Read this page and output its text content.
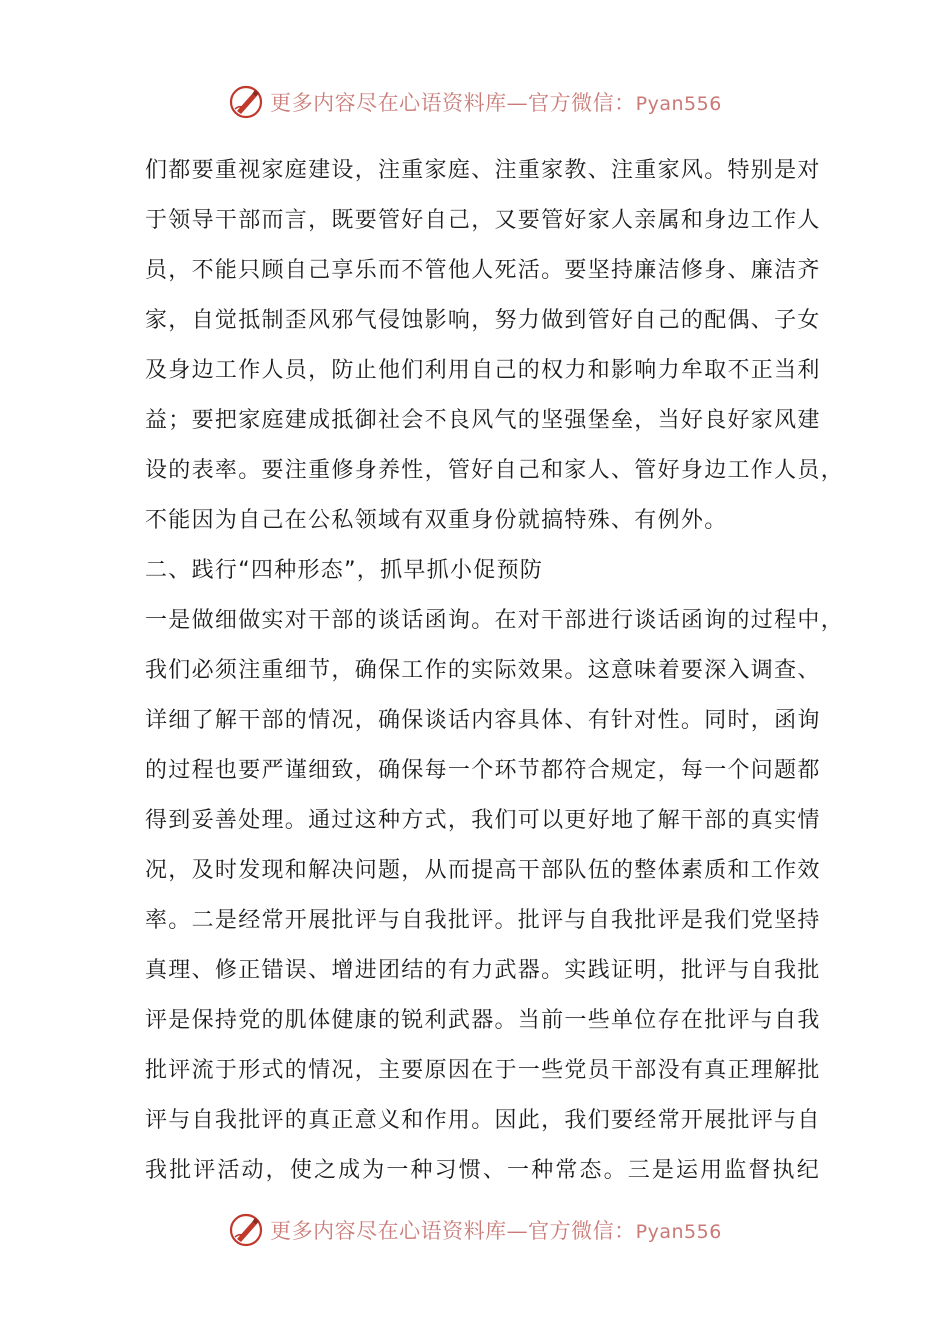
更多内容尽在心语资料库—官方微信：Pyan556
们都要重视家庭建设，注重家庭、注重家教、注重家风。特别是对
于领导干部而言，既要管好自己，又要管好家人亲属和身边工作人
员，不能只顾自己享乐而不管他人死活。要坚持廉洁修身、廉洁齐
家，自觉抵制歪风邪气侵蚀影响，努力做到管好自己的配偶、子女
及身边工作人员，防止他们利用自己的权力和影响力牟取不正当利
益；要把家庭建成抵御社会不良风气的坚强堡垒，当好良好家风建
设的表率。要注重修身养性，管好自己和家人、管好身边工作人员，
不能因为自己在公私领域有双重身份就搞特殊、有例外。
二、践行“四种形态”，抓早抓小促预防
一是做细做实对干部的谈话函询。在对干部进行谈话函询的过程中，
我们必须注重细节，确保工作的实际效果。这意味着要深入调查、
详细了解干部的情况，确保谈话内容具体、有针对性。同时，函询
的过程也要严谨细致，确保每一个环节都符合规定，每一个问题都
得到妥善处理。通过这种方式，我们可以更好地了解干部的真实情
况，及时发现和解决问题，从而提高干部队伍的整体素质和工作效
率。二是经常开展批评与自我批评。批评与自我批评是我们党坚持
真理、修正错误、增进团结的有力武器。实践证明，批评与自我批
评是保持党的肌体健康的锐利武器。当前一些单位存在批评与自我
批评流于形式的情况，主要原因在于一些党员干部没有真正理解批
评与自我批评的真正意义和作用。因此，我们要经常开展批评与自
我批评活动，使之成为一种习惯、一种常态。三是运用监督执纪
更多内容尽在心语资料库—官方微信：Pyan556
